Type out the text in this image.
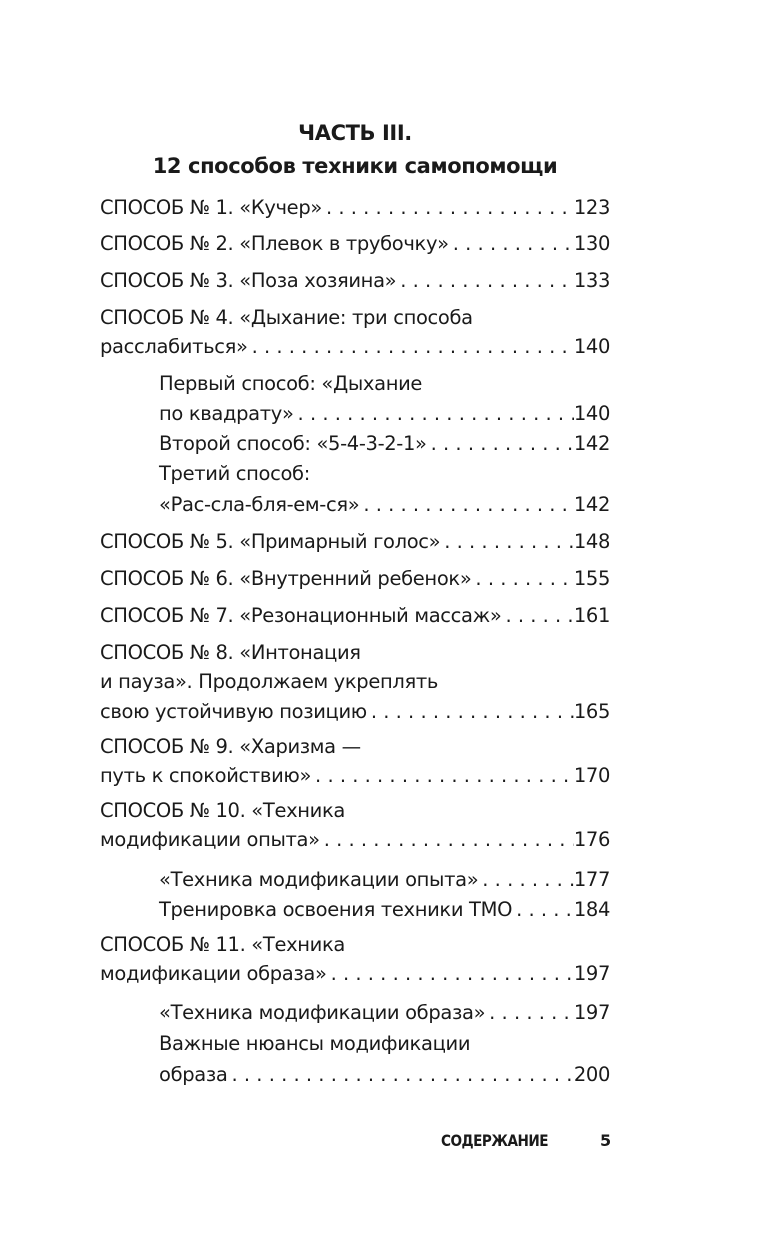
ЧАСТЬ III.
12 способов техники самопомощи
СПОСОБ № 1. «Кучер» . . .	123
СПОСОБ № 2. «Плевок в трубочку» . . .	130
СПОСОБ № 3. «Поза хозяина» . . .	133
СПОСОБ № 4. «Дыхание: три способа
расслабиться» . . .	140
Первый способ: «Дыхание
по квадрату» . . .	140
Второй способ: «5-4-3-2-1» . . .	142
Третий способ:
«Рас-сла-бля-ем-ся» . . .	142
СПОСОБ № 5. «Примарный голос» . . .	148
СПОСОБ № 6. «Внутренний ребенок» . . .	155
СПОСОБ № 7. «Резонационный массаж» . . .	161
СПОСОБ № 8. «Интонация
и пауза». Продолжаем укреплять
свою устойчивую позицию . . .	165
СПОСОБ № 9. «Харизма —
путь к спокойствию» . . .	170
СПОСОБ № 10. «Техника
модификации опыта» . . .	176
«Техника модификации опыта» . . .	177
Тренировка освоения техники ТМО . . .	184
СПОСОБ № 11. «Техника
модификации образа» . . .	197
«Техника модификации образа» . . .	197
Важные нюансы модификации
образа . . .	200
СОДЕРЖАНИЕ	5
